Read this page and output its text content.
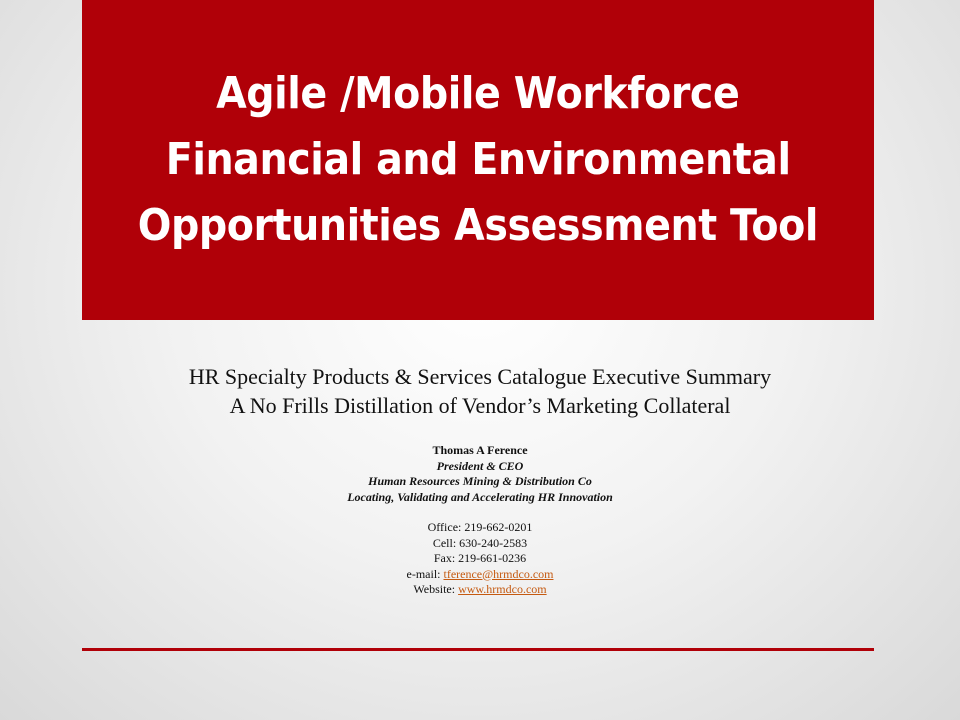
Agile /Mobile Workforce
Financial and Environmental
Opportunities Assessment Tool
HR Specialty Products & Services Catalogue Executive Summary
A No Frills Distillation of Vendor’s Marketing Collateral
Thomas A Ference
President & CEO
Human Resources Mining & Distribution Co
Locating, Validating and Accelerating HR Innovation
Office: 219-662-0201
Cell: 630-240-2583
Fax: 219-661-0236
e-mail: tference@hrmdco.com
Website: www.hrmdco.com
